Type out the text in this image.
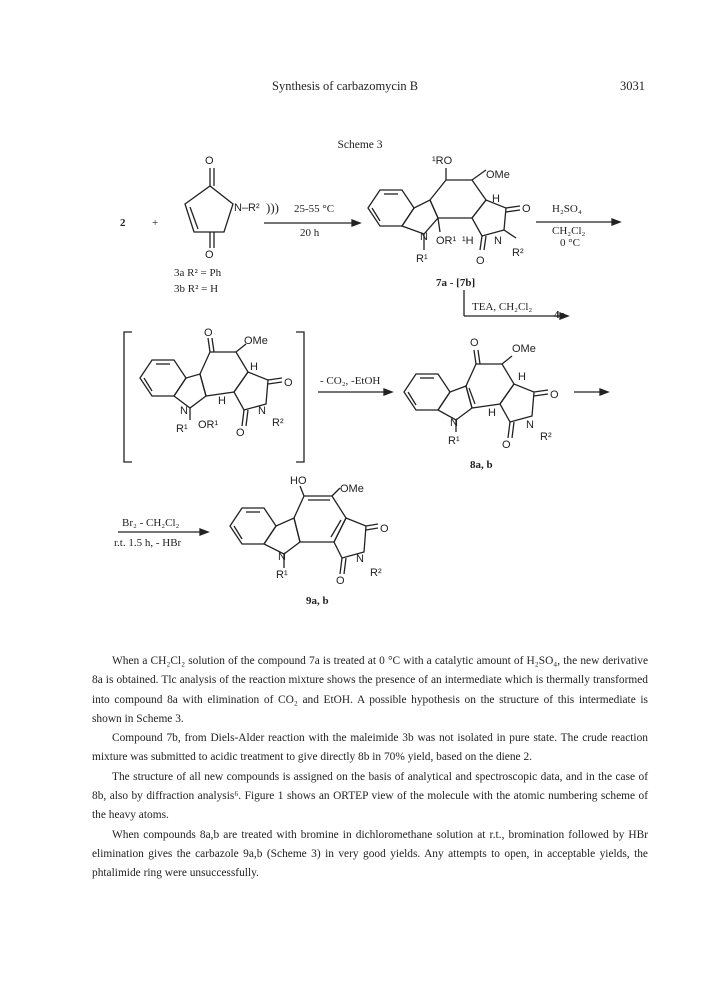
Synthesis of carbazomycin B	3031
Scheme 3
2 +
O
O
N–R²
3a R² = Ph
3b R² = H
))) 25-55 °C
20 h
¹RO
OMe
H
O
N OR¹ ¹H N
R¹	R²
O
7a - [7b]
H₂SO₄
CH₂Cl₂
0 °C
TEA, CH₂Cl₂
4a
O
OMe
H
O
N
H
N
R¹ OR¹	R²
O
- CO₂, -EtOH
O	OMe
H
O
N
H
N
R¹	R²
O
8a, b
Br₂ - CH₂Cl₂
r.t. 1.5 h, - HBr
HO
OMe
O
N	N
R¹	R²
O
9a, b

When a CH₂Cl₂ solution of the compound 7a is treated at 0 °C with a catalytic amount of H₂SO₄, the new derivative 8a is obtained. Tlc analysis of the reaction mixture shows the presence of an intermediate which is thermally transformed into compound 8a with elimination of CO₂ and EtOH. A possible hypothesis on the structure of this intermediate is shown in Scheme 3.

Compound 7b, from Diels-Alder reaction with the maleimide 3b was not isolated in pure state. The crude reaction mixture was submitted to acidic treatment to give directly 8b in 70% yield, based on the diene 2.

The structure of all new compounds is assigned on the basis of analytical and spectroscopic data, and in the case of 8b, also by diffraction analysis⁶. Figure 1 shows an ORTEP view of the molecule with the atomic numbering scheme of the heavy atoms.

When compounds 8a,b are treated with bromine in dichloromethane solution at r.t., bromination followed by HBr elimination gives the carbazole 9a,b (Scheme 3) in very good yields. Any attempts to open, in acceptable yields, the phtalimide ring were unsuccessfully.
